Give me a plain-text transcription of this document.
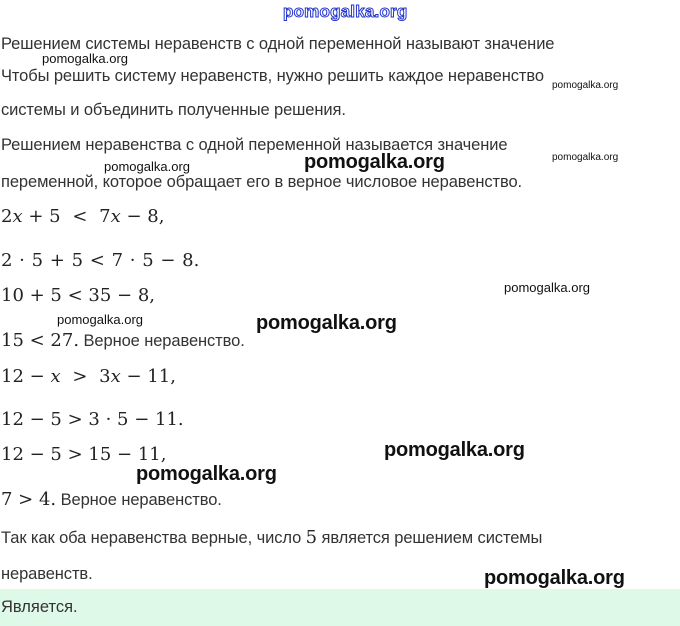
pomogalka.org
Решением системы неравенств с одной переменной называют значение
pomogalka.org
Чтобы решить систему неравенств, нужно решить каждое неравенство
pomogalka.org
системы и объединить полученные решения.
Решением неравенства с одной переменной называется значение
pomogalka.org
pomogalka.org	pomogalka.org
переменной, которое обращает его в верное числовое неравенство.
2x + 5 < 7x − 8,
2 · 5 + 5 < 7 · 5 − 8.
10 + 5 < 35 − 8,	pomogalka.org
pomogalka.org	pomogalka.org
15 < 27. Верное неравенство.
12 − x > 3x − 11,
12 − 5 > 3 · 5 − 11.
12 − 5 > 15 − 11,	pomogalka.org
pomogalka.org
7 > 4. Верное неравенство.
Так как оба неравенства верные, число 5 является решением системы
неравенств.	pomogalka.org
Является.
